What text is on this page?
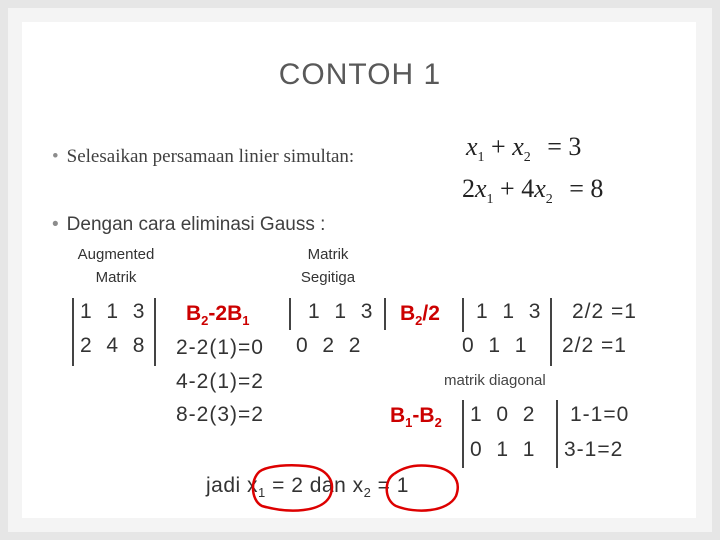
CONTOH 1
• Selesaikan persamaan linier simultan:	$x_1 + x_2 = 3$
$2x_1 + 4x_2 = 8$
• Dengan cara eliminasi Gauss :
Augmented
Matrik
Matrik
Segitiga
1  1  3
2  4  8
$B_2-2B_1$
2-2(1)=0
4-2(1)=2
8-2(3)=2
1  1  3
0  2  2
$B_2/2$ 1  1  3
0  1  1
2/2 =1
2/2 =1
matrik diagonal
$B_1-B_2$ 1  0  2
0  1  1
1-1=0
3-1=2
jadi $x_1 = 2$ dan $x_2 = 1$
